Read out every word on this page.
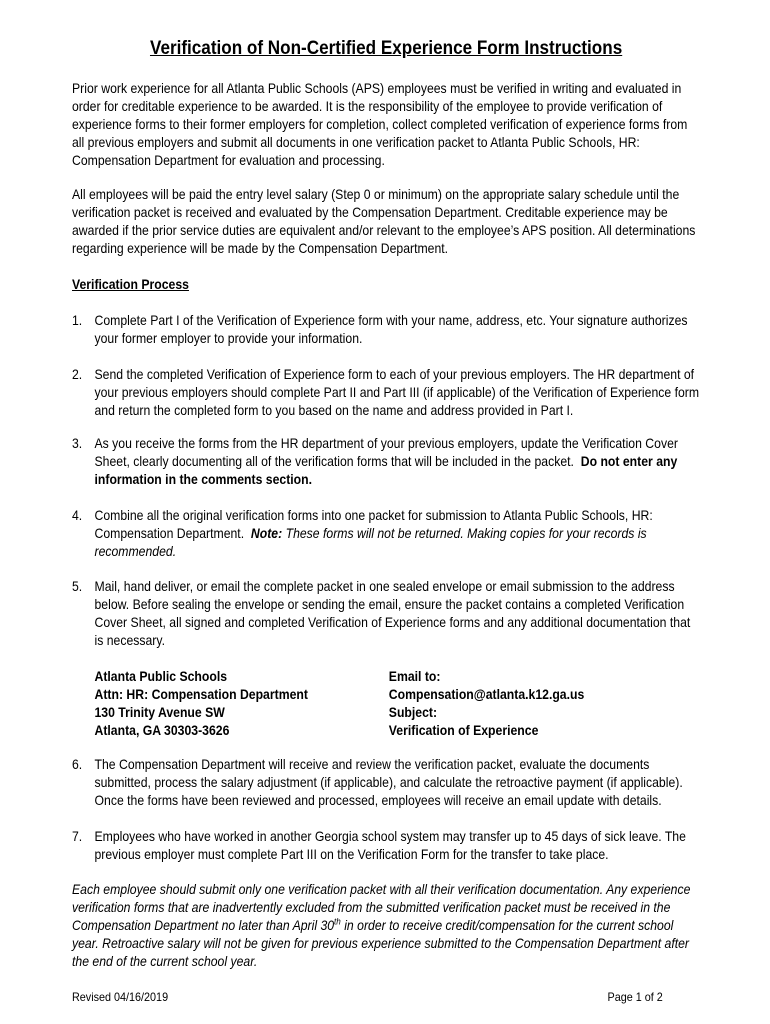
Verification of Non-Certified Experience Form Instructions

Prior work experience for all Atlanta Public Schools (APS) employees must be verified in writing and evaluated in order for creditable experience to be awarded. It is the responsibility of the employee to provide verification of experience forms to their former employers for completion, collect completed verification of experience forms from all previous employers and submit all documents in one verification packet to Atlanta Public Schools, HR: Compensation Department for evaluation and processing.

All employees will be paid the entry level salary (Step 0 or minimum) on the appropriate salary schedule until the verification packet is received and evaluated by the Compensation Department. Creditable experience may be awarded if the prior service duties are equivalent and/or relevant to the employee’s APS position. All determinations regarding experience will be made by the Compensation Department.

Verification Process
1. Complete Part I of the Verification of Experience form with your name, address, etc. Your signature authorizes your former employer to provide your information.
2. Send the completed Verification of Experience form to each of your previous employers. The HR department of your previous employers should complete Part II and Part III (if applicable) of the Verification of Experience form and return the completed form to you based on the name and address provided in Part I.
3. As you receive the forms from the HR department of your previous employers, update the Verification Cover Sheet, clearly documenting all of the verification forms that will be included in the packet. Do not enter any information in the comments section.
4. Combine all the original verification forms into one packet for submission to Atlanta Public Schools, HR: Compensation Department. Note: These forms will not be returned. Making copies for your records is recommended.
5. Mail, hand deliver, or email the complete packet in one sealed envelope or email submission to the address below. Before sealing the envelope or sending the email, ensure the packet contains a completed Verification Cover Sheet, all signed and completed Verification of Experience forms and any additional documentation that is necessary.
Atlanta Public Schools
Attn: HR: Compensation Department
130 Trinity Avenue SW
Atlanta, GA 30303-3626
Email to:
Compensation@atlanta.k12.ga.us
Subject:
Verification of Experience
6. The Compensation Department will receive and review the verification packet, evaluate the documents submitted, process the salary adjustment (if applicable), and calculate the retroactive payment (if applicable). Once the forms have been reviewed and processed, employees will receive an email update with details.
7. Employees who have worked in another Georgia school system may transfer up to 45 days of sick leave. The previous employer must complete Part III on the Verification Form for the transfer to take place.
Each employee should submit only one verification packet with all their verification documentation. Any experience verification forms that are inadvertently excluded from the submitted verification packet must be received in the Compensation Department no later than April 30th in order to receive credit/compensation for the current school year. Retroactive salary will not be given for previous experience submitted to the Compensation Department after the end of the current school year.
Revised 04/16/2019	Page 1 of 2
